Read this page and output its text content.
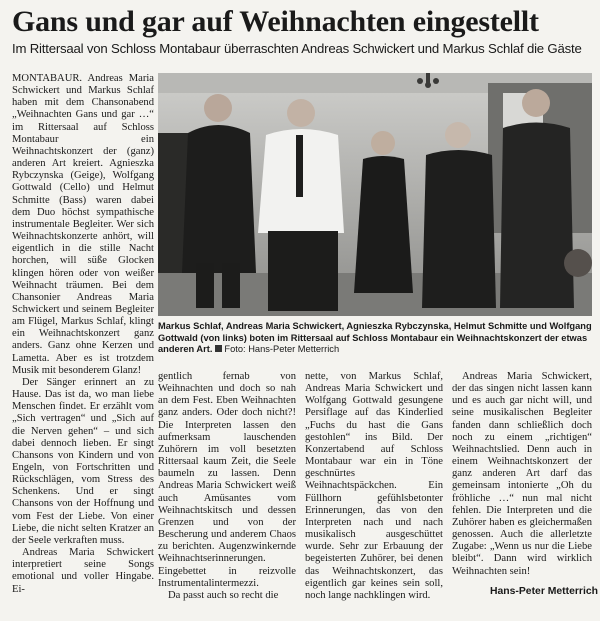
Gans und gar auf Weihnachten eingestellt
Im Rittersaal von Schloss Montabaur überraschten Andreas Schwickert und Markus Schlaf die Gäste

MONTABAUR. Andreas Maria Schwickert und Markus Schlaf haben mit dem Chansonabend „Weihnachten Gans und gar …“ im Rittersaal auf Schloss Montabaur ein Weihnachtskonzert der (ganz) anderen Art kreiert. Agnieszka Rybczynska (Geige), Wolfgang Gottwald (Cello) und Helmut Schmitte (Bass) waren dabei dem Duo höchst sympathische instrumentale Begleiter. Wer sich Weihnachtskonzerte anhört, will eigentlich in die stille Nacht horchen, will süße Glocken klingen hören oder von weißer Weihnacht träumen. Bei dem Chansonier Andreas Maria Schwickert und seinem Begleiter am Flügel, Markus Schlaf, klingt ein Weihnachtskonzert ganz anders. Ganz ohne Kerzen und Lametta. Aber es ist trotzdem Musik mit besonderem Glanz!

Der Sänger erinnert an zu Hause. Das ist da, wo man liebe Menschen findet. Er erzählt vom „Sich vertragen“ und „Sich auf die Nerven gehen“ – und sich dabei dennoch lieben. Er singt Chansons von Kindern und von Engeln, von Fortschritten und Rückschlägen, vom Stress des Schenkens. Und er singt Chansons von der Hoffnung und vom Fest der Liebe. Von einer Liebe, die nicht selten Kratzer an der Seele verkraften muss.

Andreas Maria Schwickert interpretiert seine Songs emotional und voller Hingabe. Ei-

Markus Schlaf, Andreas Maria Schwickert, Agnieszka Rybczynska, Helmut Schmitte und Wolfgang Gottwald (von links) boten im Rittersaal auf Schloss Montabaur ein Weihnachtskonzert der etwas anderen Art. Foto: Hans-Peter Metterrich

gentlich fernab von Weihnachten und doch so nah an dem Fest. Eben Weihnachten ganz anders. Oder doch nicht?! Die Interpreten lassen den aufmerksam lauschenden Zuhörern im voll besetzten Rittersaal kaum Zeit, die Seele baumeln zu lassen. Denn Andreas Maria Schwickert weiß auch Amüsantes vom Weihnachtskitsch und dessen Grenzen und von der Bescherung und anderem Chaos zu berichten. Augenzwinkernde Weihnachtserinnerungen. Eingebettet in reizvolle Instrumentalintermezzi.

Da passt auch so recht die

nette, von Markus Schlaf, Andreas Maria Schwickert und Wolfgang Gottwald gesungene Persiflage auf das Kinderlied „Fuchs du hast die Gans gestohlen“ ins Bild. Der Konzertabend auf Schloss Montabaur war ein in Töne geschnürtes Weihnachtspäckchen. Ein Füllhorn gefühlsbetonter Erinnerungen, das von den Interpreten nach und nach musikalisch ausgeschüttet wurde. Sehr zur Erbauung der begeisterten Zuhörer, bei denen das Weihnachtskonzert, das eigentlich gar keines sein soll, noch lange nachklingen wird.

Andreas Maria Schwickert, der das singen nicht lassen kann und es auch gar nicht will, und seine musikalischen Begleiter fanden dann schließlich doch noch zu einem „richtigen“ Weihnachtslied. Denn auch in einem Weihnachtskonzert der ganz anderen Art darf das gemeinsam intonierte „Oh du fröhliche …“ nun mal nicht fehlen. Die Interpreten und die Zuhörer haben es gleichermaßen genossen. Auch die allerletzte Zugabe: „Wenn us nur die Liebe bleibt“. Dann wird wirklich Weihnachten sein!

Hans-Peter Metterrich
